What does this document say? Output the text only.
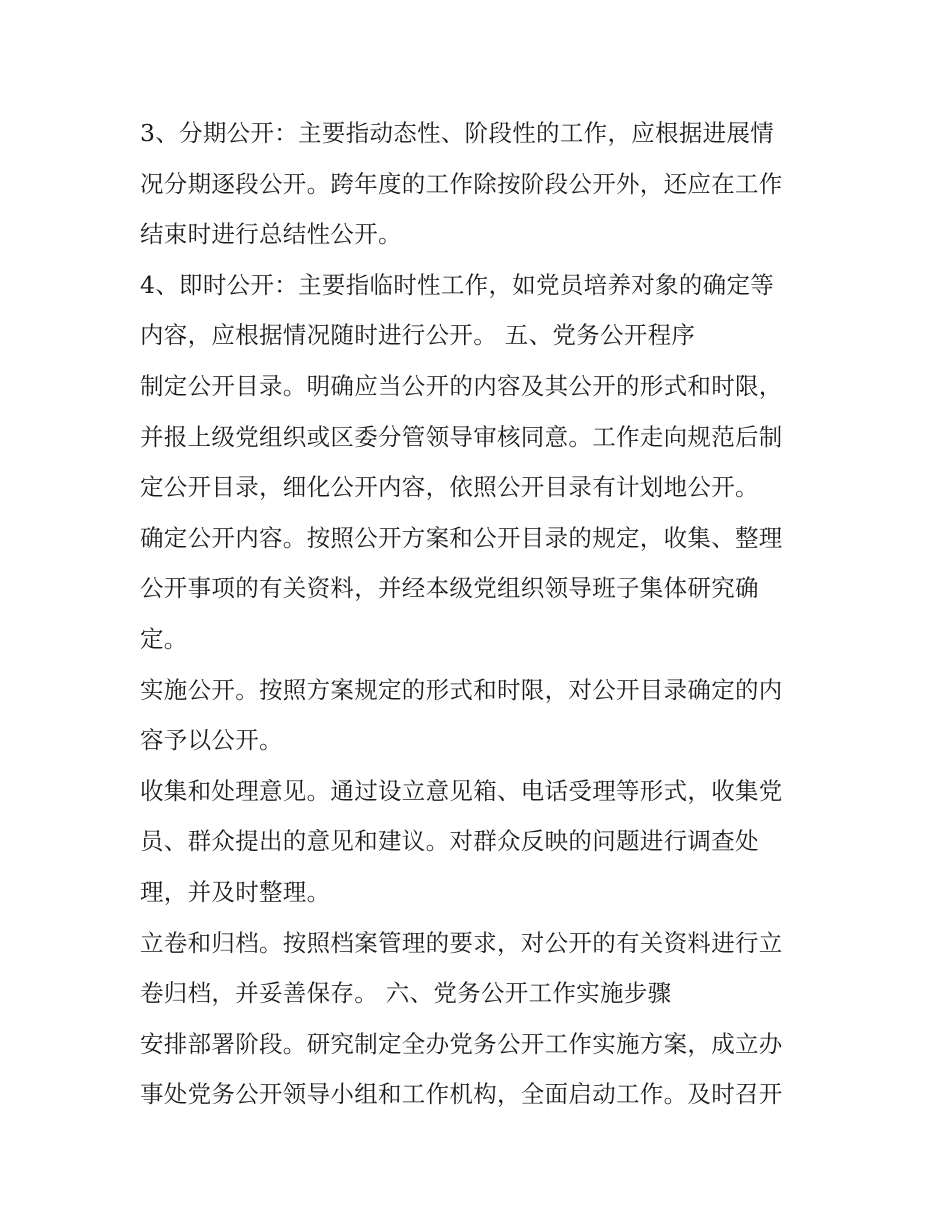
3、分期公开：主要指动态性、阶段性的工作，应根据进展情
况分期逐段公开。跨年度的工作除按阶段公开外，还应在工作
结束时进行总结性公开。
4、即时公开：主要指临时性工作，如党员培养对象的确定等
内容，应根据情况随时进行公开。 五、党务公开程序
制定公开目录。明确应当公开的内容及其公开的形式和时限，
并报上级党组织或区委分管领导审核同意。工作走向规范后制
定公开目录，细化公开内容，依照公开目录有计划地公开。
确定公开内容。按照公开方案和公开目录的规定，收集、整理
公开事项的有关资料，并经本级党组织领导班子集体研究确
定。
实施公开。按照方案规定的形式和时限，对公开目录确定的内
容予以公开。
收集和处理意见。通过设立意见箱、电话受理等形式，收集党
员、群众提出的意见和建议。对群众反映的问题进行调查处
理，并及时整理。
立卷和归档。按照档案管理的要求，对公开的有关资料进行立
卷归档，并妥善保存。 六、党务公开工作实施步骤
安排部署阶段。研究制定全办党务公开工作实施方案，成立办
事处党务公开领导小组和工作机构，全面启动工作。及时召开
